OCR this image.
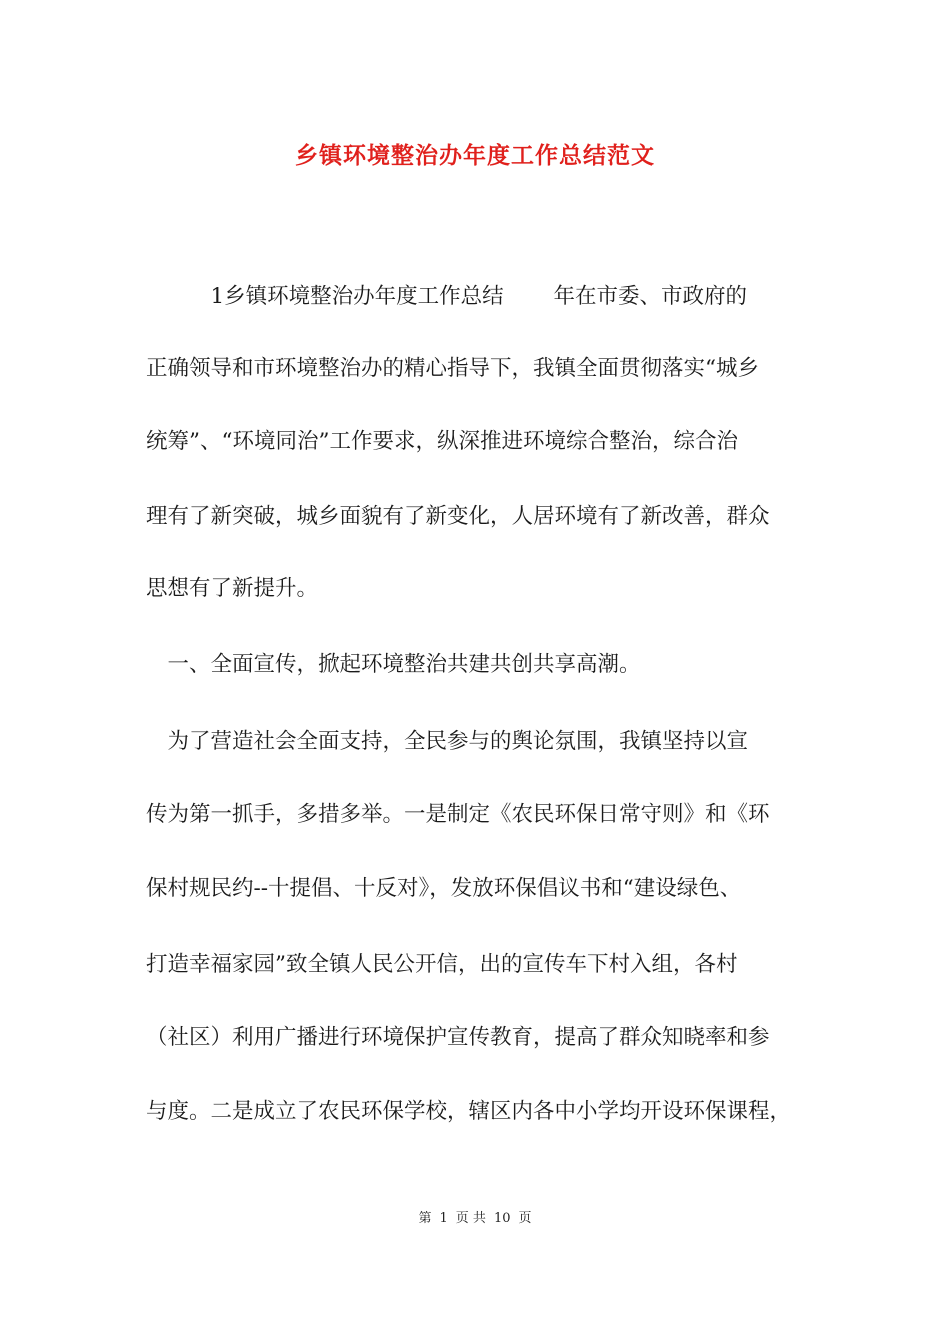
乡镇环境整治办年度工作总结范文
　　　1乡镇环境整治办年度工作总结　　 年在市委、市政府的
正确领导和市环境整治办的精心指导下，我镇全面贯彻落实“城乡
统筹”、“环境同治”工作要求，纵深推进环境综合整治，综合治
理有了新突破，城乡面貌有了新变化，人居环境有了新改善，群众
思想有了新提升。
　一、全面宣传，掀起环境整治共建共创共享高潮。
　为了营造社会全面支持，全民参与的舆论氛围，我镇坚持以宣
传为第一抓手，多措多举。一是制定《农民环保日常守则》和《环
保村规民约--十提倡、十反对》，发放环保倡议书和“建设绿色、
打造幸福家园”致全镇人民公开信，出的宣传车下村入组，各村
（社区）利用广播进行环境保护宣传教育，提高了群众知晓率和参
与度。二是成立了农民环保学校，辖区内各中小学均开设环保课程，
第 1 页 共 10 页
